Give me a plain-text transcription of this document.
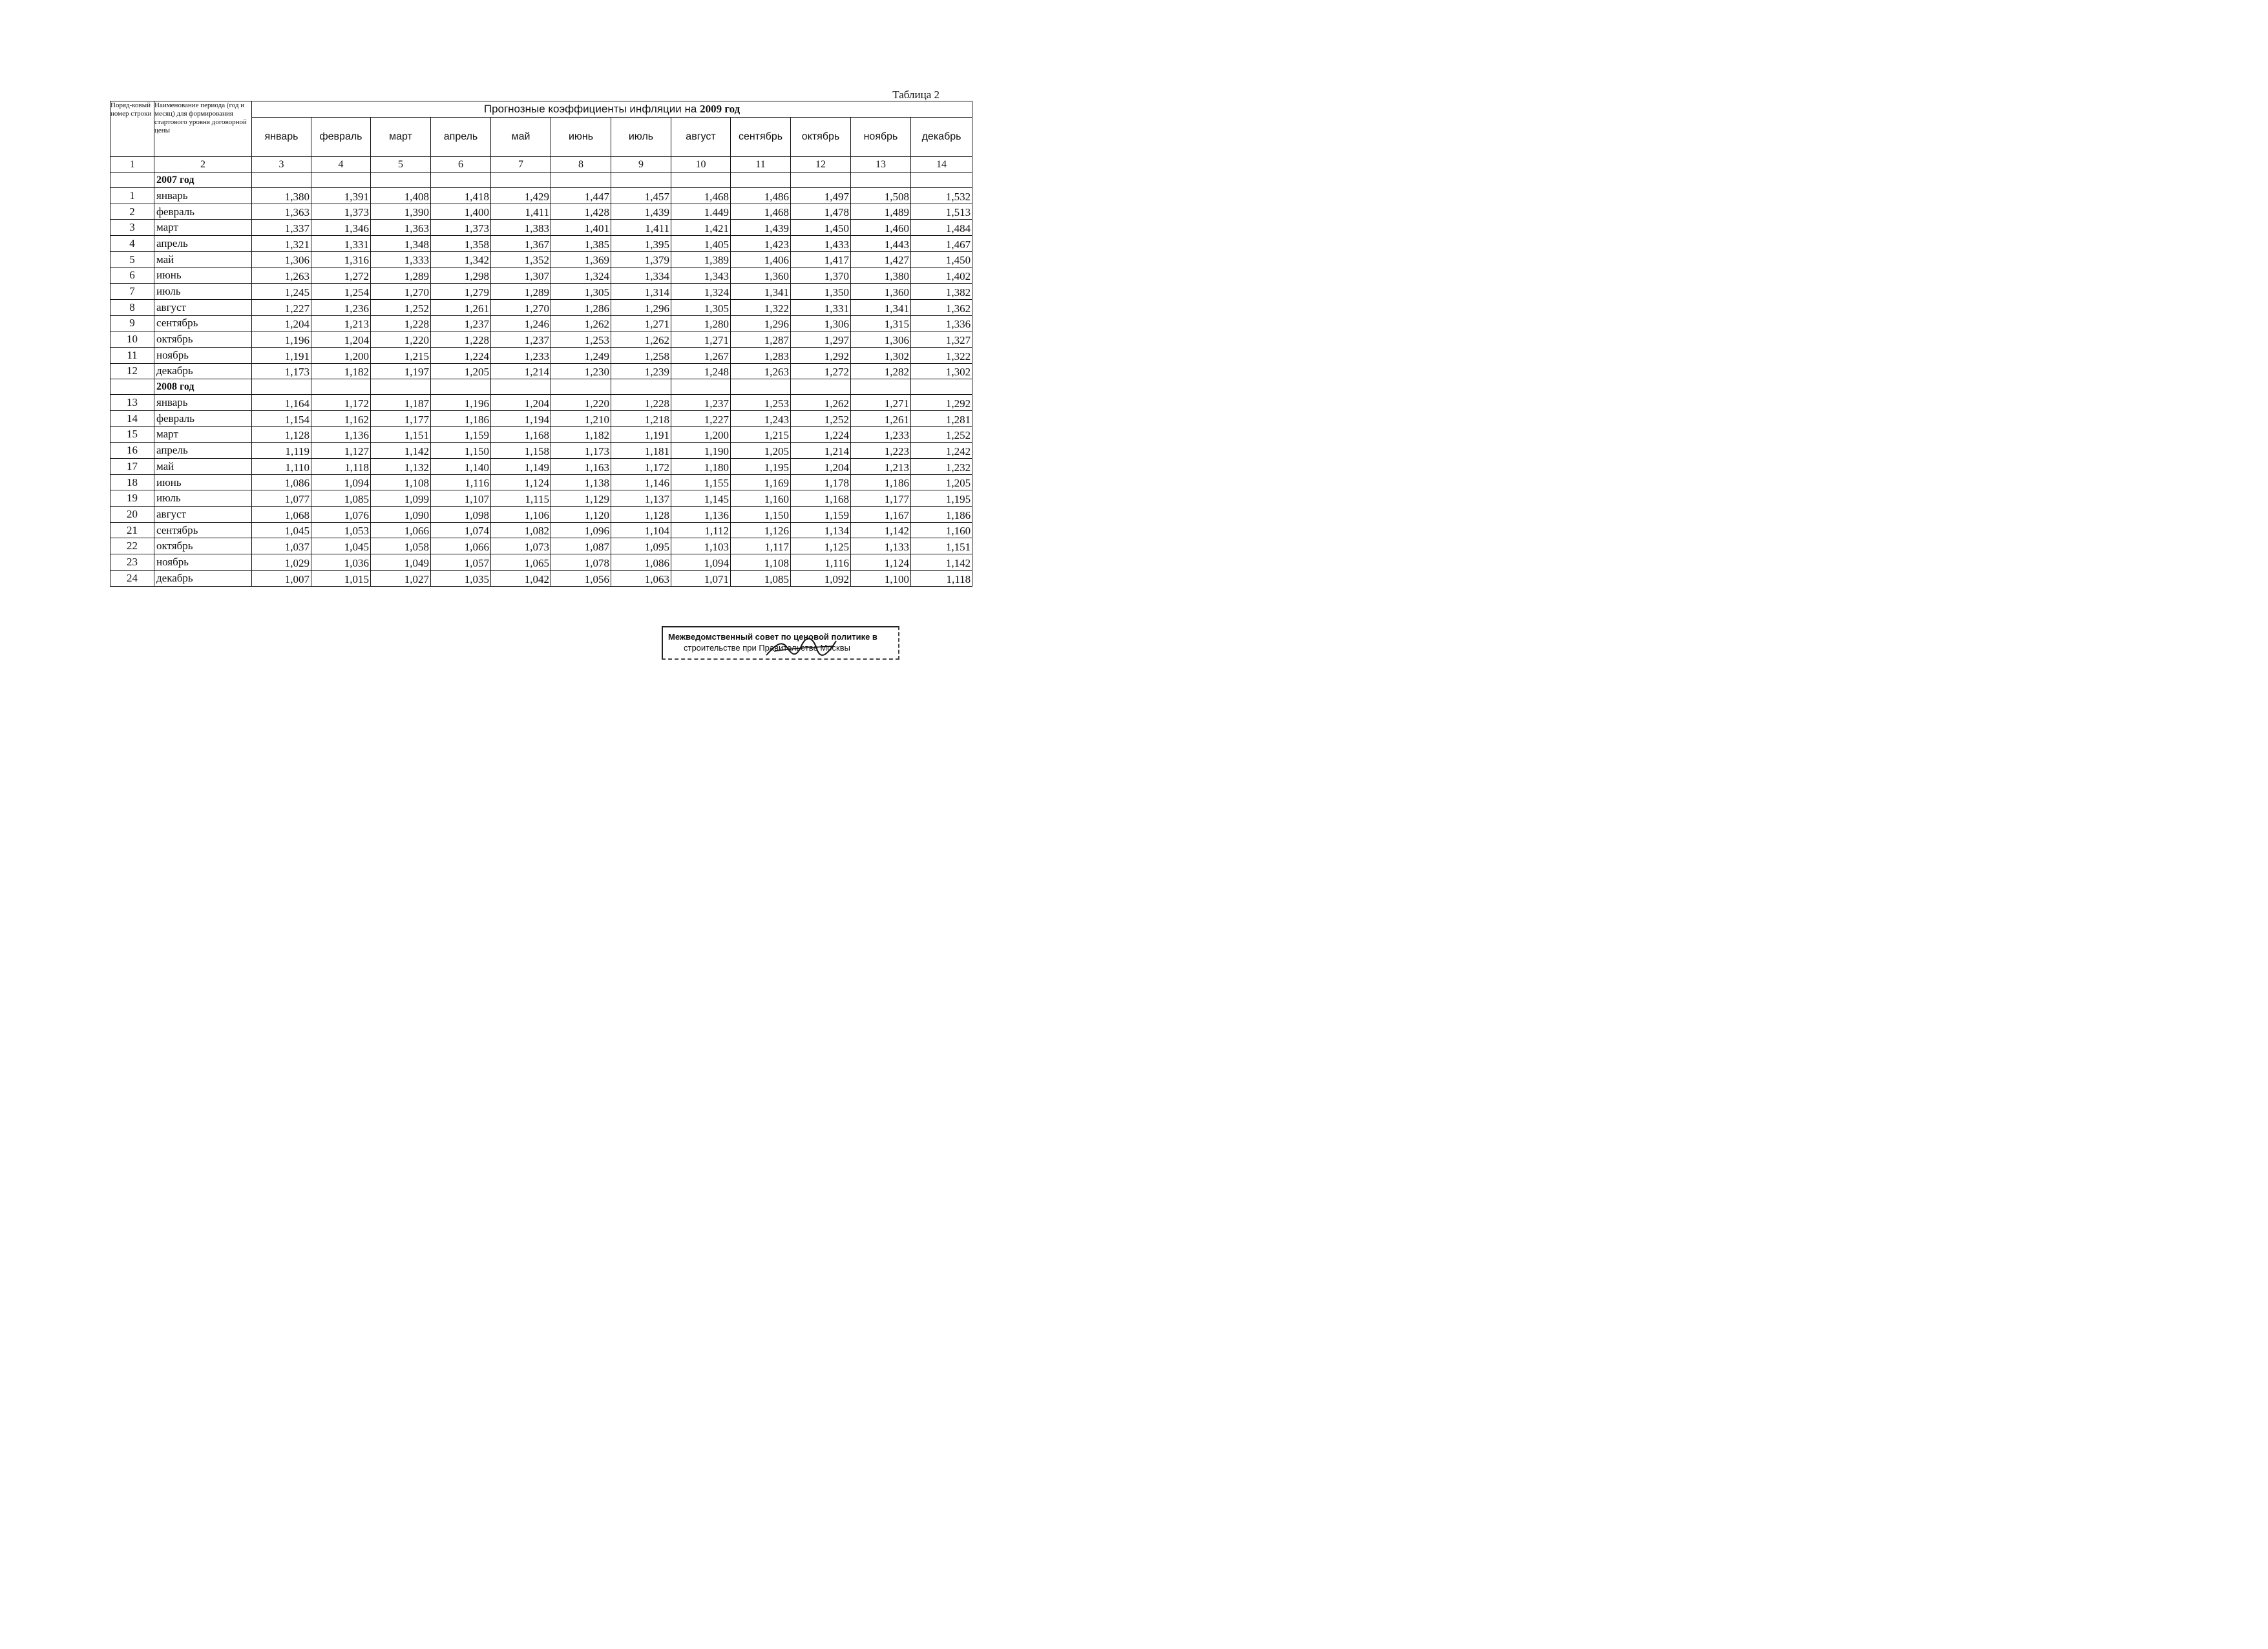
Таблица 2
Поряд-ковый номер строки	Наименование периода (год и месяц) для формирования стартового уровня договорной цены	Прогнозные коэффициенты инфляции на 2009 год											
		январь	февраль	март	апрель	май	июнь	июль	август	сентябрь	октябрь	ноябрь	декабрь
1	2	3	4	5	6	7	8	9	10	11	12	13	14
	2007 год												
1	январь	1,380	1,391	1,408	1,418	1,429	1,447	1,457	1,468	1,486	1,497	1,508	1,532
2	февраль	1,363	1,373	1,390	1,400	1,411	1,428	1,439	1.449	1,468	1,478	1,489	1,513
3	март	1,337	1,346	1,363	1,373	1,383	1,401	1,411	1,421	1,439	1,450	1,460	1,484
4	апрель	1,321	1,331	1,348	1,358	1,367	1,385	1,395	1,405	1,423	1,433	1,443	1,467
5	май	1,306	1,316	1,333	1,342	1,352	1,369	1,379	1,389	1,406	1,417	1,427	1,450
6	июнь	1,263	1,272	1,289	1,298	1,307	1,324	1,334	1,343	1,360	1,370	1,380	1,402
7	июль	1,245	1,254	1,270	1,279	1,289	1,305	1,314	1,324	1,341	1,350	1,360	1,382
8	август	1,227	1,236	1,252	1,261	1,270	1,286	1,296	1,305	1,322	1,331	1,341	1,362
9	сентябрь	1,204	1,213	1,228	1,237	1,246	1,262	1,271	1,280	1,296	1,306	1,315	1,336
10	октябрь	1,196	1,204	1,220	1,228	1,237	1,253	1,262	1,271	1,287	1,297	1,306	1,327
11	ноябрь	1,191	1,200	1,215	1,224	1,233	1,249	1,258	1,267	1,283	1,292	1,302	1,322
12	декабрь	1,173	1,182	1,197	1,205	1,214	1,230	1,239	1,248	1,263	1,272	1,282	1,302
	2008 год												
13	январь	1,164	1,172	1,187	1,196	1,204	1,220	1,228	1,237	1,253	1,262	1,271	1,292
14	февраль	1,154	1,162	1,177	1,186	1,194	1,210	1,218	1,227	1,243	1,252	1,261	1,281
15	март	1,128	1,136	1,151	1,159	1,168	1,182	1,191	1,200	1,215	1,224	1,233	1,252
16	апрель	1,119	1,127	1,142	1,150	1,158	1,173	1,181	1,190	1,205	1,214	1,223	1,242
17	май	1,110	1,118	1,132	1,140	1,149	1,163	1,172	1,180	1,195	1,204	1,213	1,232
18	июнь	1,086	1,094	1,108	1,116	1,124	1,138	1,146	1,155	1,169	1,178	1,186	1,205
19	июль	1,077	1,085	1,099	1,107	1,115	1,129	1,137	1,145	1,160	1,168	1,177	1,195
20	август	1,068	1,076	1,090	1,098	1,106	1,120	1,128	1,136	1,150	1,159	1,167	1,186
21	сентябрь	1,045	1,053	1,066	1,074	1,082	1,096	1,104	1,112	1,126	1,134	1,142	1,160
22	октябрь	1,037	1,045	1,058	1,066	1,073	1,087	1,095	1,103	1,117	1,125	1,133	1,151
23	ноябрь	1,029	1,036	1,049	1,057	1,065	1,078	1,086	1,094	1,108	1,116	1,124	1,142
24	декабрь	1,007	1,015	1,027	1,035	1,042	1,056	1,063	1,071	1,085	1,092	1,100	1,118
Межведомственный совет по ценовой политике в
строительстве при Правительстве Москвы
